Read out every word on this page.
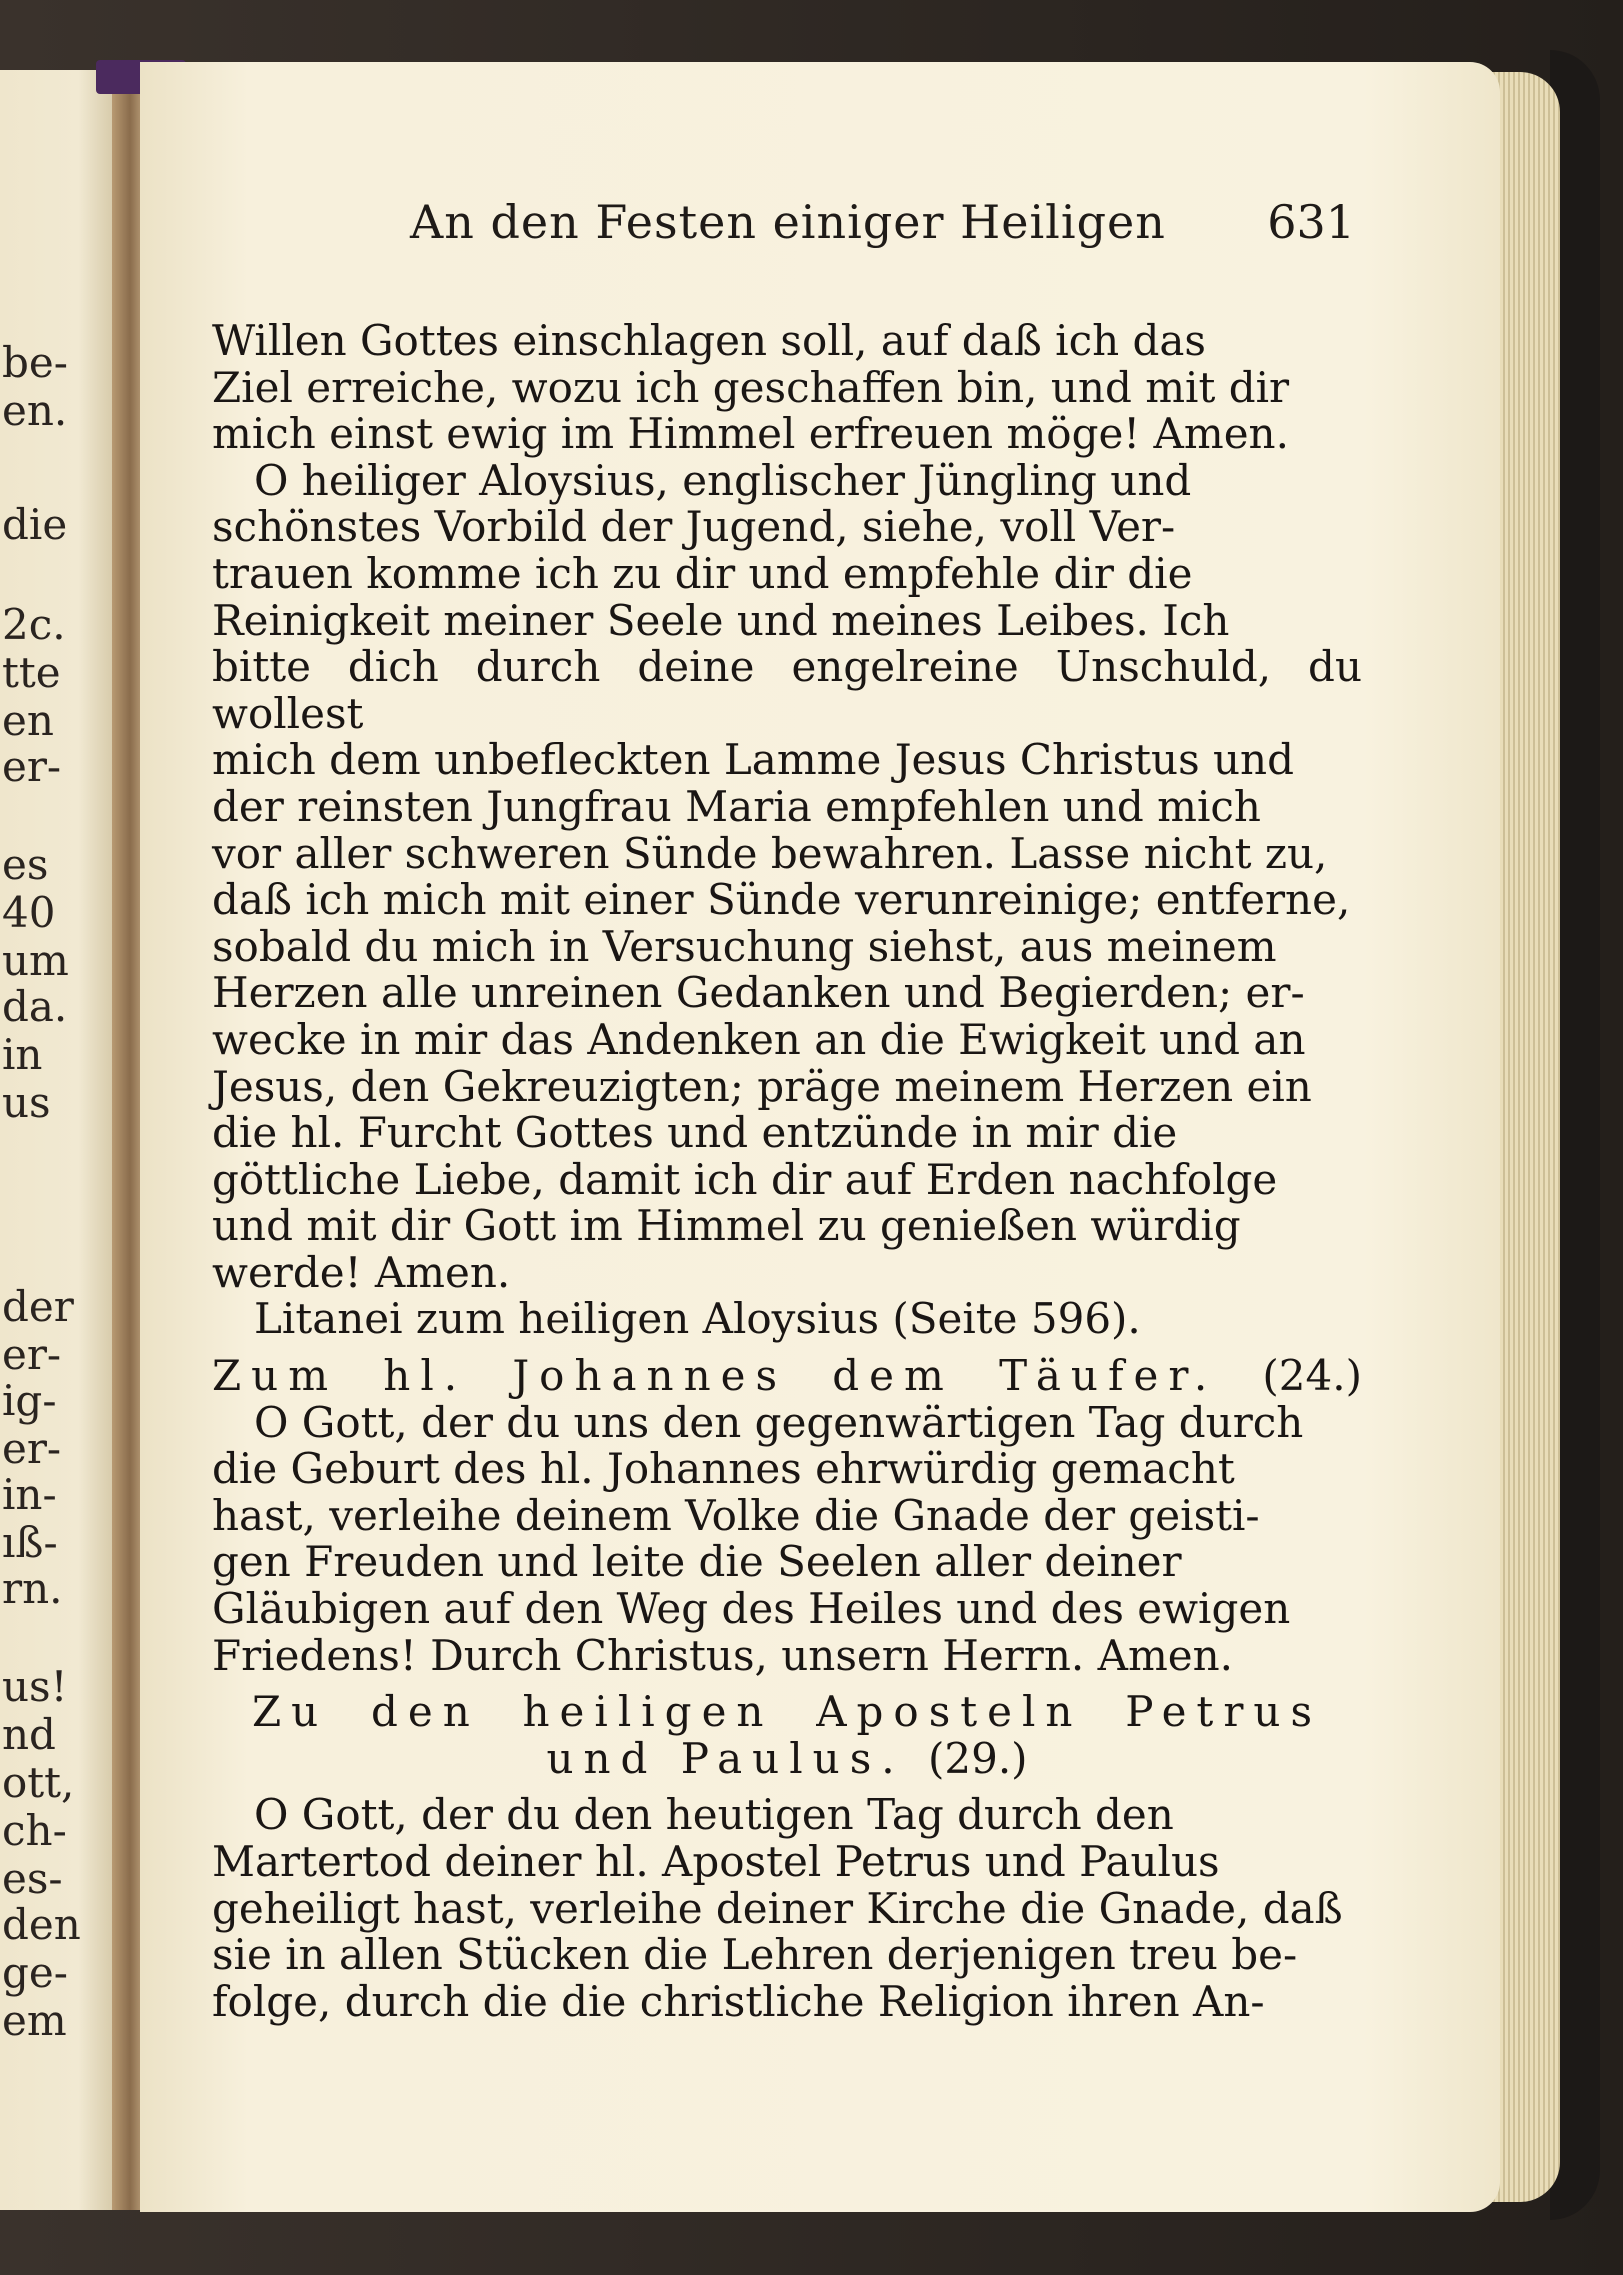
be-
en.
die
2c.
tte
en
er-
es
40
um
da.
in
us
der
er-
ig-
er-
in-
ıß-
rn.
us!
nd
ott,
ch-
es-
den
ge-
em
An den Festen einiger Heiligen 631

Willen Gottes einschlagen soll, auf daß ich das

Ziel erreiche, wozu ich geschaffen bin, und mit dir

mich einst ewig im Himmel erfreuen möge! Amen.

O heiliger Aloysius, englischer Jüngling und

schönstes Vorbild der Jugend, siehe, voll Ver-

trauen komme ich zu dir und empfehle dir die

Reinigkeit meiner Seele und meines Leibes. Ich

bitte dich durch deine engelreine Unschuld, du wollest

mich dem unbefleckten Lamme Jesus Christus und

der reinsten Jungfrau Maria empfehlen und mich

vor aller schweren Sünde bewahren. Lasse nicht zu,

daß ich mich mit einer Sünde verunreinige; entferne,

sobald du mich in Versuchung siehst, aus meinem

Herzen alle unreinen Gedanken und Begierden; er-

wecke in mir das Andenken an die Ewigkeit und an

Jesus, den Gekreuzigten; präge meinem Herzen ein

die hl. Furcht Gottes und entzünde in mir die

göttliche Liebe, damit ich dir auf Erden nachfolge

und mit dir Gott im Himmel zu genießen würdig

werde! Amen.

Litanei zum heiligen Aloysius (Seite 596).

Zum hl. Johannes dem Täufer. (24.)

O Gott, der du uns den gegenwärtigen Tag durch

die Geburt des hl. Johannes ehrwürdig gemacht

hast, verleihe deinem Volke die Gnade der geisti-

gen Freuden und leite die Seelen aller deiner

Gläubigen auf den Weg des Heiles und des ewigen

Friedens! Durch Christus, unsern Herrn. Amen.

Zu den heiligen Aposteln Petrus

und Paulus. (29.)

O Gott, der du den heutigen Tag durch den

Martertod deiner hl. Apostel Petrus und Paulus

geheiligt hast, verleihe deiner Kirche die Gnade, daß

sie in allen Stücken die Lehren derjenigen treu be-

folge, durch die die christliche Religion ihren An-
